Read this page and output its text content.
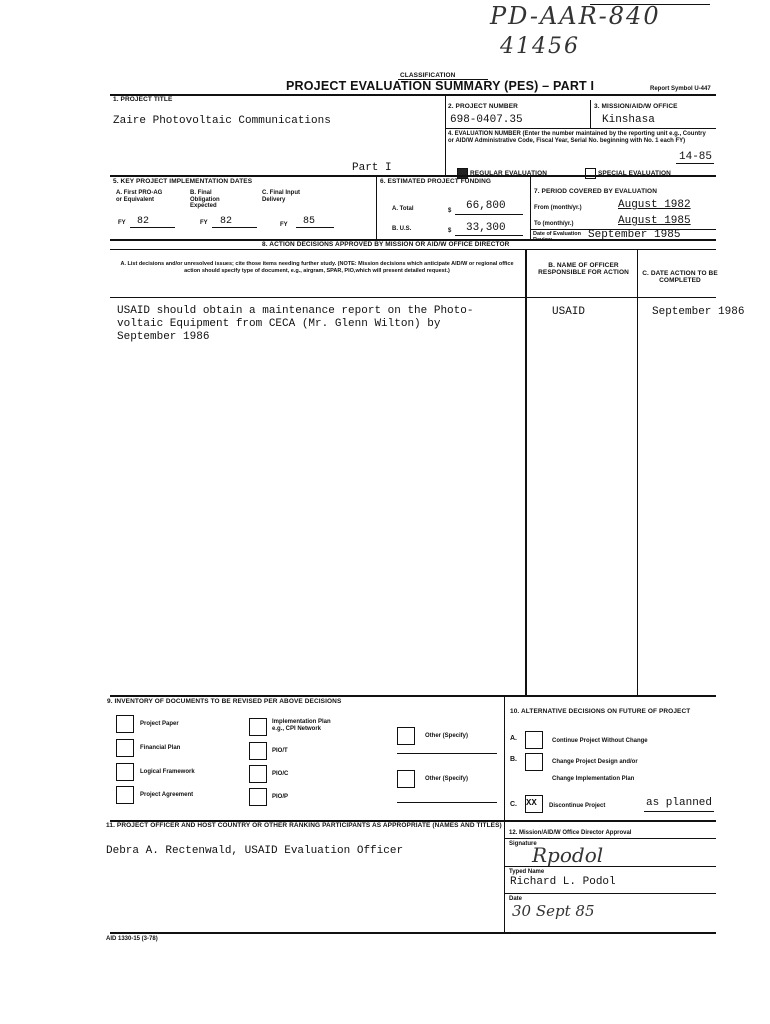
PD-AAR-840
41456
CLASSIFICATION
PROJECT EVALUATION SUMMARY (PES) – PART I	Report Symbol U-447
1. PROJECT TITLE
Zaire Photovoltaic Communications
Part I
2. PROJECT NUMBER
698-0407.35
3. MISSION/AID/W OFFICE
Kinshasa
4. EVALUATION NUMBER (Enter the number maintained by the reporting unit e.g., Country or AID/W Administrative Code, Fiscal Year, Serial No. beginning with No. 1 each FY)
14-85
REGULAR EVALUATION	SPECIAL EVALUATION
5. KEY PROJECT IMPLEMENTATION DATES
A. First PRO-AG or Equivalent
FY 82
B. Final Obligation Expected
FY 82
C. Final Input Delivery
FY 85
6. ESTIMATED PROJECT FUNDING
A. Total	$ 66,800
B. U.S.	$ 33,300
7. PERIOD COVERED BY EVALUATION
From (month/yr.)	August 1982
To (month/yr.)	August 1985
Date of Evaluation Review	September 1985
8. ACTION DECISIONS APPROVED BY MISSION OR AID/W OFFICE DIRECTOR
A. List decisions and/or unresolved issues; cite those items needing further study. (NOTE: Mission decisions which anticipate AID/W or regional office action should specify type of document, e.g., airgram, SPAR, PIO,which will present detailed request.)
B. NAME OF OFFICER RESPONSIBLE FOR ACTION	C. DATE ACTION TO BE COMPLETED
USAID should obtain a maintenance report on the Photo-
voltaic Equipment from CECA (Mr. Glenn Wilton) by
September 1986
USAID	September 1986
9. INVENTORY OF DOCUMENTS TO BE REVISED PER ABOVE DECISIONS
Project Paper
Financial Plan
Logical Framework
Project Agreement
Implementation Plan e.g., CPI Network
PIO/T
PIO/C
PIO/P
Other (Specify)
Other (Specify)
10. ALTERNATIVE DECISIONS ON FUTURE OF PROJECT
A.	Continue Project Without Change
B.	Change Project Design and/or
Change Implementation Plan
C. XX Discontinue Project	as planned
11. PROJECT OFFICER AND HOST COUNTRY OR OTHER RANKING PARTICIPANTS AS APPROPRIATE (NAMES AND TITLES)
Debra A. Rectenwald, USAID Evaluation Officer
12. Mission/AID/W Office Director Approval
Signature
Rpodol
Typed Name
Richard L. Podol
Date
30 Sept 85
AID 1330-15 (3-78)
